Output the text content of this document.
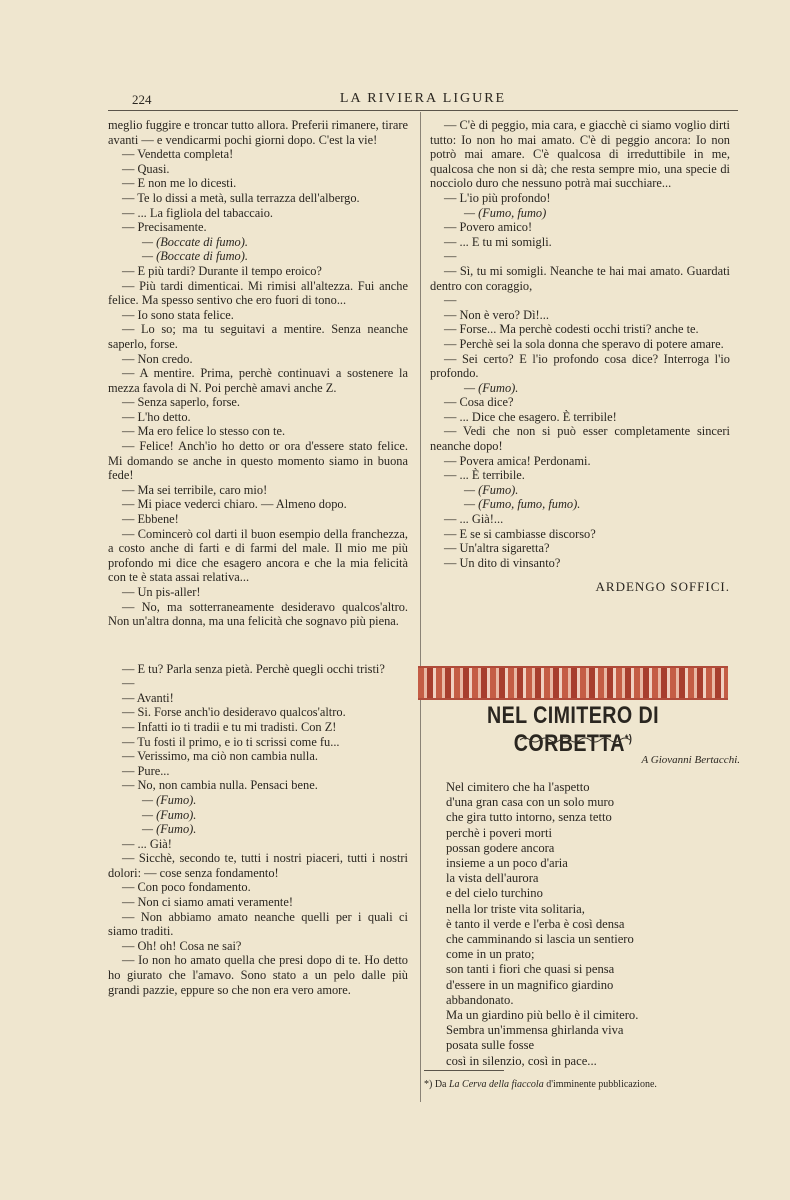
224	LA RIVIERA LIGURE

meglio fuggire e troncar tutto allora. Preferii rimanere, tirare avanti — e vendicarmi pochi giorni dopo. C'est la vie!

— Vendetta completa!

— Quasi.

— E non me lo dicesti.

— Te lo dissi a metà, sulla terrazza dell'albergo.

— ... La figliola del tabaccaio.

— Precisamente.

— (Boccate di fumo).

— (Boccate di fumo).

— E più tardi? Durante il tempo eroico?

— Più tardi dimenticai. Mi rimisi all'altezza. Fui anche felice. Ma spesso sentivo che ero fuori di tono...

— Io sono stata felice.

— Lo so; ma tu seguitavi a mentire. Senza neanche saperlo, forse.

— Non credo.

— A mentire. Prima, perchè continuavi a sostenere la mezza favola di N. Poi perchè amavi anche Z.

— Senza saperlo, forse.

— L'ho detto.

— Ma ero felice lo stesso con te.

— Felice! Anch'io ho detto or ora d'essere stato felice. Mi domando se anche in questo momento siamo in buona fede!

— Ma sei terribile, caro mio!

— Mi piace vederci chiaro. — Almeno dopo.

— Ebbene!

— Comincerò col darti il buon esempio della franchezza, a costo anche di farti e di farmi del male. Il mio me più profondo mi dice che esagero ancora e che la mia felicità con te è stata assai relativa...

— Un pis-aller!

— No, ma sotterraneamente desideravo qualcos'altro. Non un'altra donna, ma una felicità che sognavo più piena.

— E tu? Parla senza pietà. Perchè quegli occhi tristi?

—

— Avanti!

— Si. Forse anch'io desideravo qualcos'altro.

— Infatti io ti tradii e tu mi tradisti. Con Z!

— Tu fosti il primo, e io ti scrissi come fu...

— Verissimo, ma ciò non cambia nulla.

— Pure...

— No, non cambia nulla. Pensaci bene.

— (Fumo).

— (Fumo).

— (Fumo).

— ... Già!

— Sicchè, secondo te, tutti i nostri piaceri, tutti i nostri dolori: — cose senza fondamento!

— Con poco fondamento.

— Non ci siamo amati veramente!

— Non abbiamo amato neanche quelli per i quali ci siamo traditi.

— Oh! oh! Cosa ne sai?

— Io non ho amato quella che presi dopo di te. Ho detto ho giurato che l'amavo. Sono stato a un pelo dalle più grandi pazzie, eppure so che non era vero amore.

— C'è di peggio, mia cara, e giacchè ci siamo voglio dirti tutto: Io non ho mai amato. C'è di peggio ancora: Io non potrò mai amare. C'è qualcosa di irreduttibile in me, qualcosa che non si dà; che resta sempre mio, una specie di nocciolo duro che nessuno potrà mai succhiare...

— L'io più profondo!

— (Fumo, fumo)

— Povero amico!

— ... E tu mi somigli.

—

— Sì, tu mi somigli. Neanche te hai mai amato. Guardati dentro con coraggio,

—

— Non è vero? Dì!...

— Forse... Ma perchè codesti occhi tristi? anche te.

— Perchè sei la sola donna che speravo di potere amare.

— Sei certo? E l'io profondo cosa dice? Interroga l'io profondo.

— (Fumo).

— Cosa dice?

— ... Dice che esagero. È terribile!

— Vedi che non si può esser completamente sinceri neanche dopo!

— Povera amica! Perdonami.

— ... È terribile.

— (Fumo).

— (Fumo, fumo, fumo).

— ... Già!...

— E se si cambiasse discorso?

— Un'altra sigaretta?

— Un dito di vinsanto?

ARDENGO SOFFICI.
NEL CIMITERO DI CORBETTA*)
A Giovanni Bertacchi.
Nel cimitero che ha l'aspetto
d'una gran casa con un solo muro
che gira tutto intorno, senza tetto
perchè i poveri morti
possan godere ancora
insieme a un poco d'aria
la vista dell'aurora
e del cielo turchino
nella lor triste vita solitaria,
è tanto il verde e l'erba è così densa
che camminando si lascia un sentiero
come in un prato;
son tanti i fiori che quasi si pensa
d'essere in un magnifico giardino
abbandonato.
Ma un giardino più bello è il cimitero.
Sembra un'immensa ghirlanda viva
posata sulle fosse
così in silenzio, così in pace...
*) Da La Cerva della fiaccola d'imminente pubblicazione.
